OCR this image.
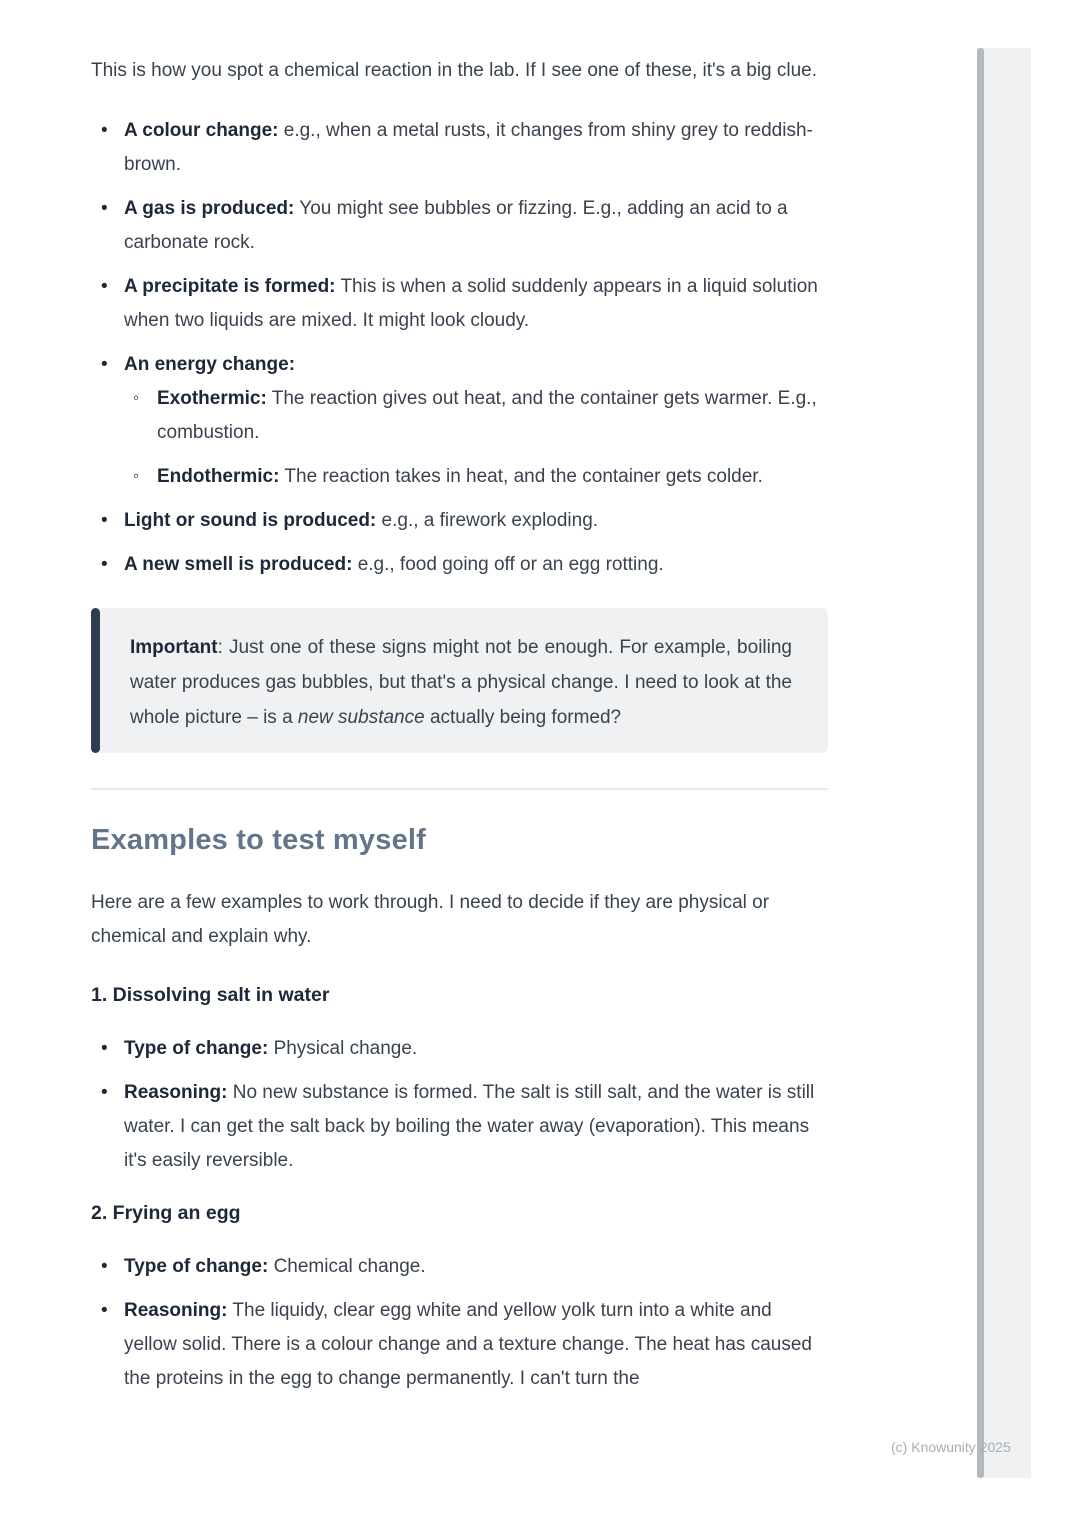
This is how you spot a chemical reaction in the lab. If I see one of these, it's a big clue.

• A colour change: e.g., when a metal rusts, it changes from shiny grey to reddish-brown.
• A gas is produced: You might see bubbles or fizzing. E.g., adding an acid to a carbonate rock.
• A precipitate is formed: This is when a solid suddenly appears in a liquid solution when two liquids are mixed. It might look cloudy.
• An energy change:
◦ Exothermic: The reaction gives out heat, and the container gets warmer. E.g., combustion.
◦ Endothermic: The reaction takes in heat, and the container gets colder.
• Light or sound is produced: e.g., a firework exploding.
• A new smell is produced: e.g., food going off or an egg rotting.

Important: Just one of these signs might not be enough. For example, boiling water produces gas bubbles, but that's a physical change. I need to look at the whole picture – is a new substance actually being formed?

Examples to test myself

Here are a few examples to work through. I need to decide if they are physical or chemical and explain why.

1. Dissolving salt in water
• Type of change: Physical change.
• Reasoning: No new substance is formed. The salt is still salt, and the water is still water. I can get the salt back by boiling the water away (evaporation). This means it's easily reversible.
2. Frying an egg
• Type of change: Chemical change.
• Reasoning: The liquidy, clear egg white and yellow yolk turn into a white and yellow solid. There is a colour change and a texture change. The heat has caused the proteins in the egg to change permanently. I can't turn the
(c) Knowunity 2025
